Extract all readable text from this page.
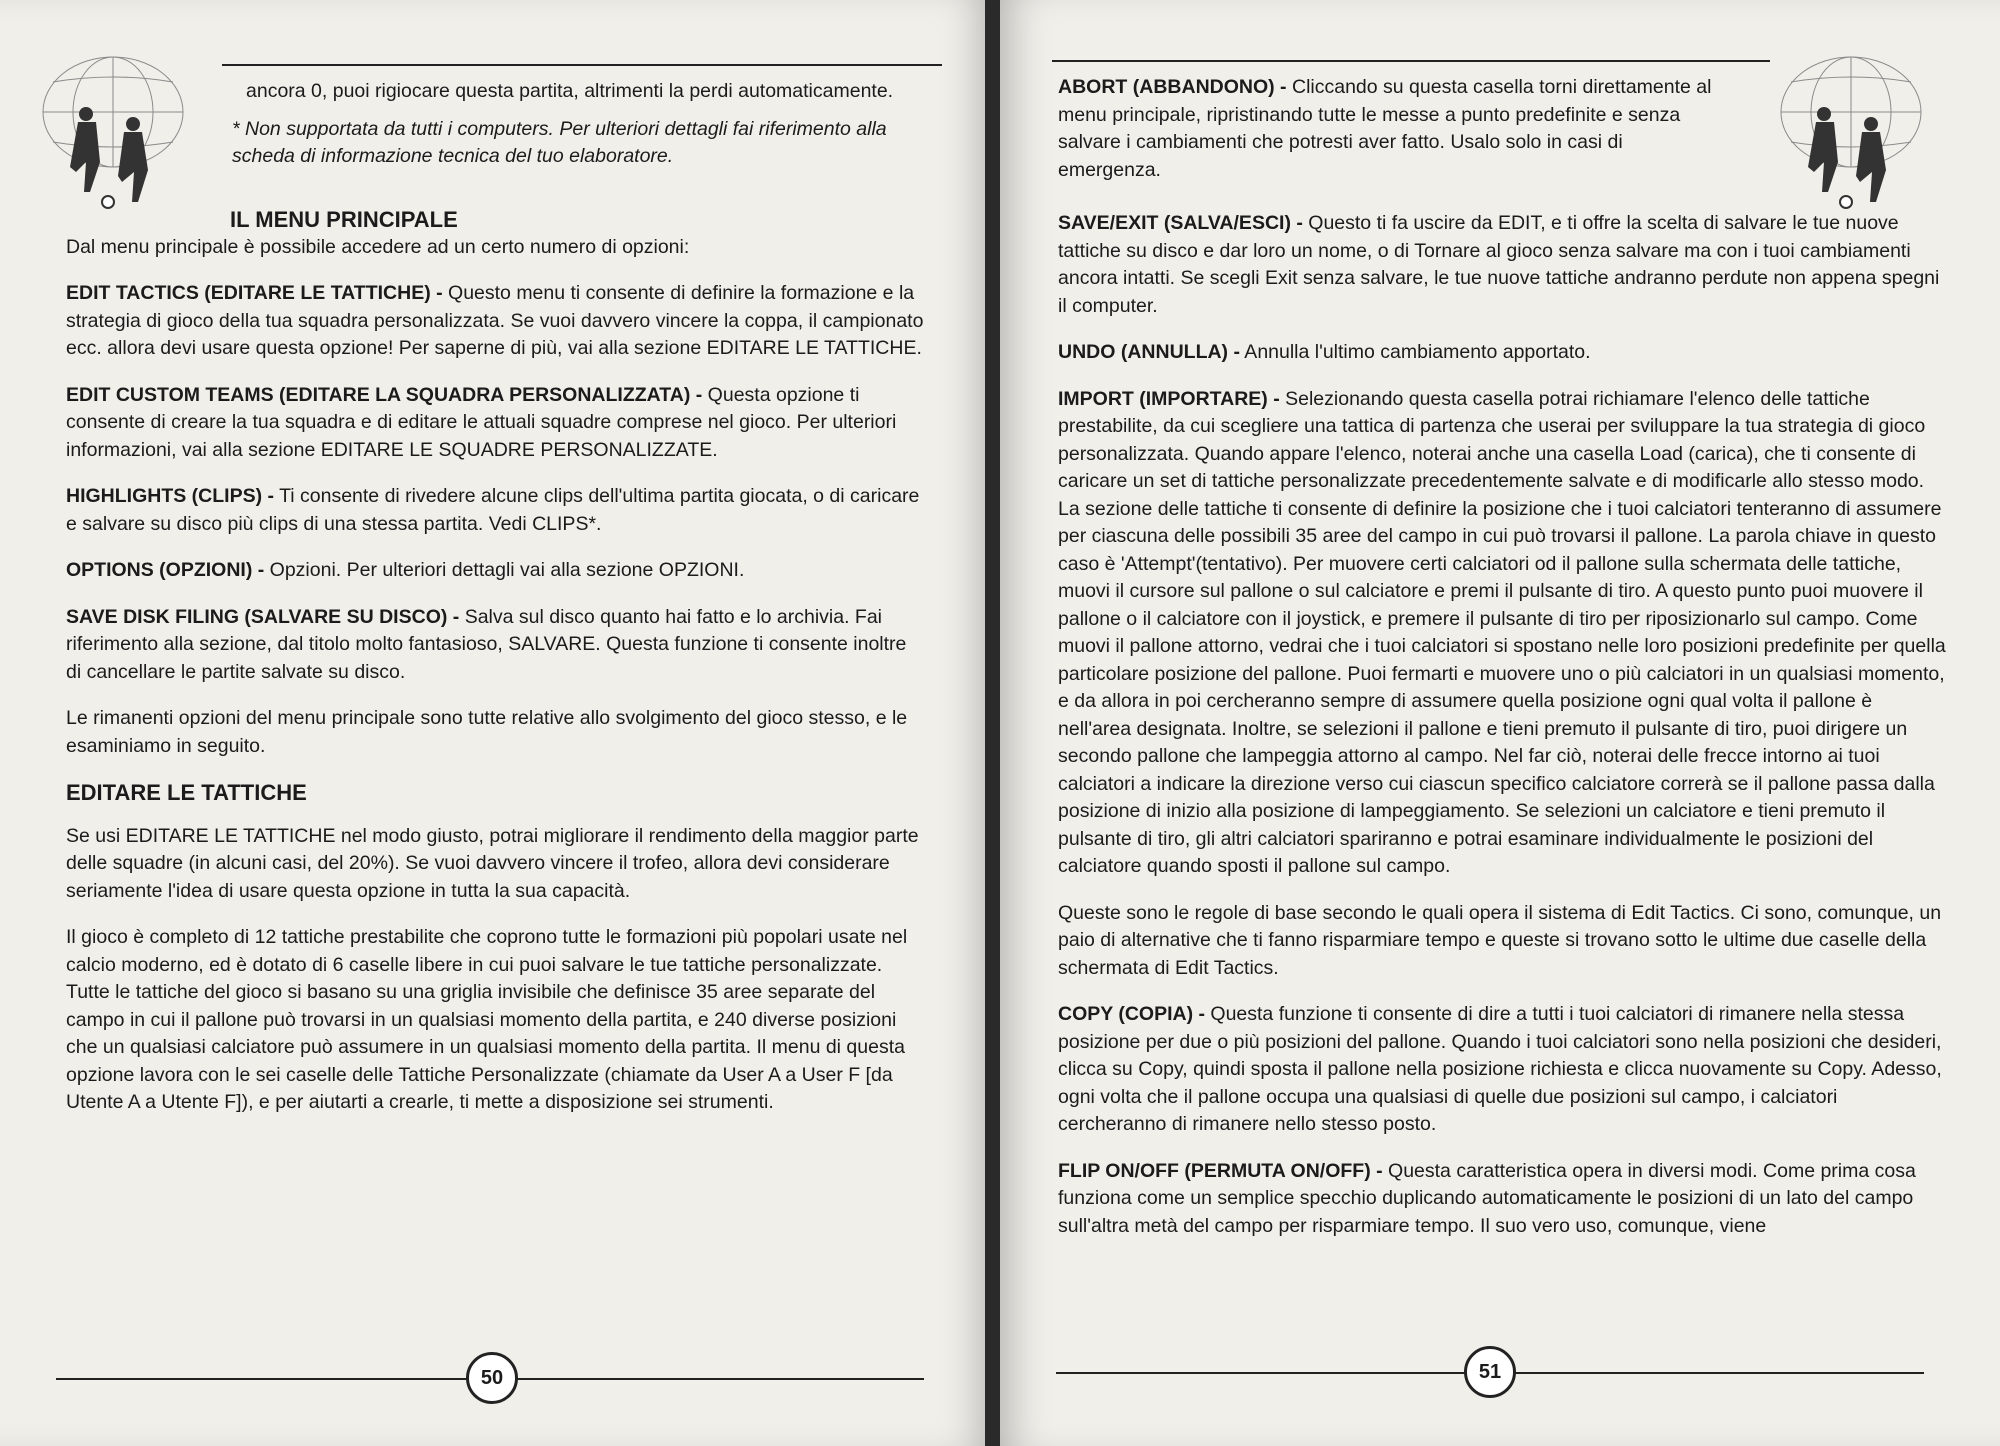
ancora 0, puoi rigiocare questa partita, altrimenti la perdi automaticamente.

* Non supportata da tutti i computers. Per ulteriori dettagli fai riferimento alla scheda di informazione tecnica del tuo elaboratore.

IL MENU PRINCIPALE

Dal menu principale è possibile accedere ad un certo numero di opzioni:

EDIT TACTICS (EDITARE LE TATTICHE) - Questo menu ti consente di definire la formazione e la strategia di gioco della tua squadra personalizzata. Se vuoi davvero vincere la coppa, il campionato ecc. allora devi usare questa opzione! Per saperne di più, vai alla sezione EDITARE LE TATTICHE.

EDIT CUSTOM TEAMS (EDITARE LA SQUADRA PERSONALIZZATA) - Questa opzione ti consente di creare la tua squadra e di editare le attuali squadre comprese nel gioco. Per ulteriori informazioni, vai alla sezione EDITARE LE SQUADRE PERSONALIZZATE.

HIGHLIGHTS (CLIPS) - Ti consente di rivedere alcune clips dell'ultima partita giocata, o di caricare e salvare su disco più clips di una stessa partita. Vedi CLIPS*.

OPTIONS (OPZIONI) - Opzioni. Per ulteriori dettagli vai alla sezione OPZIONI.

SAVE DISK FILING (SALVARE SU DISCO) - Salva sul disco quanto hai fatto e lo archivia. Fai riferimento alla sezione, dal titolo molto fantasioso, SALVARE. Questa funzione ti consente inoltre di cancellare le partite salvate su disco.

Le rimanenti opzioni del menu principale sono tutte relative allo svolgimento del gioco stesso, e le esaminiamo in seguito.

EDITARE LE TATTICHE

Se usi EDITARE LE TATTICHE nel modo giusto, potrai migliorare il rendimento della maggior parte delle squadre (in alcuni casi, del 20%). Se vuoi davvero vincere il trofeo, allora devi considerare seriamente l'idea di usare questa opzione in tutta la sua capacità.

Il gioco è completo di 12 tattiche prestabilite che coprono tutte le formazioni più popolari usate nel calcio moderno, ed è dotato di 6 caselle libere in cui puoi salvare le tue tattiche personalizzate. Tutte le tattiche del gioco si basano su una griglia invisibile che definisce 35 aree separate del campo in cui il pallone può trovarsi in un qualsiasi momento della partita, e 240 diverse posizioni che un qualsiasi calciatore può assumere in un qualsiasi momento della partita. Il menu di questa opzione lavora con le sei caselle delle Tattiche Personalizzate (chiamate da User A a User F [da Utente A a Utente F]), e per aiutarti a crearle, ti mette a disposizione sei strumenti.

50

ABORT (ABBANDONO) - Cliccando su questa casella torni direttamente al menu principale, ripristinando tutte le messe a punto predefinite e senza salvare i cambiamenti che potresti aver fatto. Usalo solo in casi di emergenza.

SAVE/EXIT (SALVA/ESCI) - Questo ti fa uscire da EDIT, e ti offre la scelta di salvare le tue nuove tattiche su disco e dar loro un nome, o di Tornare al gioco senza salvare ma con i tuoi cambiamenti ancora intatti. Se scegli Exit senza salvare, le tue nuove tattiche andranno perdute non appena spegni il computer.

UNDO (ANNULLA) - Annulla l'ultimo cambiamento apportato.

IMPORT (IMPORTARE) - Selezionando questa casella potrai richiamare l'elenco delle tattiche prestabilite, da cui scegliere una tattica di partenza che userai per sviluppare la tua strategia di gioco personalizzata. Quando appare l'elenco, noterai anche una casella Load (carica), che ti consente di caricare un set di tattiche personalizzate precedentemente salvate e di modificarle allo stesso modo. La sezione delle tattiche ti consente di definire la posizione che i tuoi calciatori tenteranno di assumere per ciascuna delle possibili 35 aree del campo in cui può trovarsi il pallone. La parola chiave in questo caso è 'Attempt'(tentativo). Per muovere certi calciatori od il pallone sulla schermata delle tattiche, muovi il cursore sul pallone o sul calciatore e premi il pulsante di tiro. A questo punto puoi muovere il pallone o il calciatore con il joystick, e premere il pulsante di tiro per riposizionarlo sul campo. Come muovi il pallone attorno, vedrai che i tuoi calciatori si spostano nelle loro posizioni predefinite per quella particolare posizione del pallone. Puoi fermarti e muovere uno o più calciatori in un qualsiasi momento, e da allora in poi cercheranno sempre di assumere quella posizione ogni qual volta il pallone è nell'area designata. Inoltre, se selezioni il pallone e tieni premuto il pulsante di tiro, puoi dirigere un secondo pallone che lampeggia attorno al campo. Nel far ciò, noterai delle frecce intorno ai tuoi calciatori a indicare la direzione verso cui ciascun specifico calciatore correrà se il pallone passa dalla posizione di inizio alla posizione di lampeggiamento. Se selezioni un calciatore e tieni premuto il pulsante di tiro, gli altri calciatori spariranno e potrai esaminare individualmente le posizioni del calciatore quando sposti il pallone sul campo.

Queste sono le regole di base secondo le quali opera il sistema di Edit Tactics. Ci sono, comunque, un paio di alternative che ti fanno risparmiare tempo e queste si trovano sotto le ultime due caselle della schermata di Edit Tactics.

COPY (COPIA) - Questa funzione ti consente di dire a tutti i tuoi calciatori di rimanere nella stessa posizione per due o più posizioni del pallone. Quando i tuoi calciatori sono nella posizioni che desideri, clicca su Copy, quindi sposta il pallone nella posizione richiesta e clicca nuovamente su Copy. Adesso, ogni volta che il pallone occupa una qualsiasi di quelle due posizioni sul campo, i calciatori cercheranno di rimanere nello stesso posto.

FLIP ON/OFF (PERMUTA ON/OFF) - Questa caratteristica opera in diversi modi. Come prima cosa funziona come un semplice specchio duplicando automaticamente le posizioni di un lato del campo sull'altra metà del campo per risparmiare tempo. Il suo vero uso, comunque, viene

51
